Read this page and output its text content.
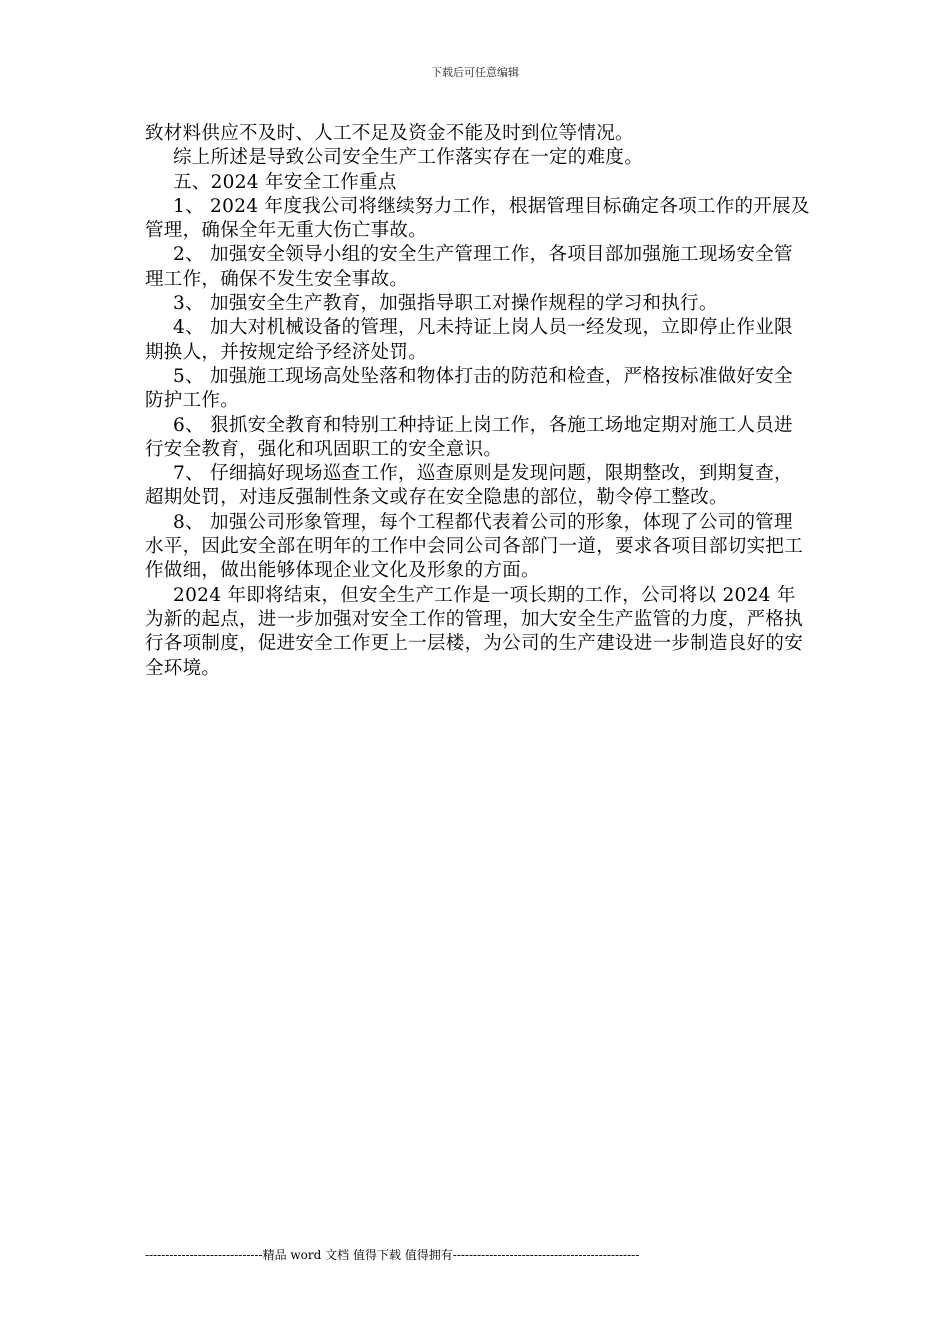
下载后可任意编辑

致材料供应不及时、人工不足及资金不能及时到位等情况。

综上所述是导致公司安全生产工作落实存在一定的难度。

五、2024 年安全工作重点

1、 2024 年度我公司将继续努力工作，根据管理目标确定各项工作的开展及管理，确保全年无重大伤亡事故。

2、 加强安全领导小组的安全生产管理工作，各项目部加强施工现场安全管理工作，确保不发生安全事故。

3、 加强安全生产教育，加强指导职工对操作规程的学习和执行。

4、 加大对机械设备的管理，凡未持证上岗人员一经发现，立即停止作业限期换人，并按规定给予经济处罚。

5、 加强施工现场高处坠落和物体打击的防范和检查，严格按标准做好安全防护工作。

6、 狠抓安全教育和特别工种持证上岗工作，各施工场地定期对施工人员进行安全教育，强化和巩固职工的安全意识。

7、 仔细搞好现场巡查工作，巡查原则是发现问题，限期整改，到期复查，超期处罚，对违反强制性条文或存在安全隐患的部位，勒令停工整改。

8、 加强公司形象管理，每个工程都代表着公司的形象，体现了公司的管理水平，因此安全部在明年的工作中会同公司各部门一道，要求各项目部切实把工作做细，做出能够体现企业文化及形象的方面。

2024 年即将结束，但安全生产工作是一项长期的工作，公司将以 2024 年为新的起点，进一步加强对安全工作的管理，加大安全生产监管的力度，严格执行各项制度，促进安全工作更上一层楼，为公司的生产建设进一步制造良好的安全环境。

-----------------------------精品 word 文档 值得下载 值得拥有----------------------------------------------
